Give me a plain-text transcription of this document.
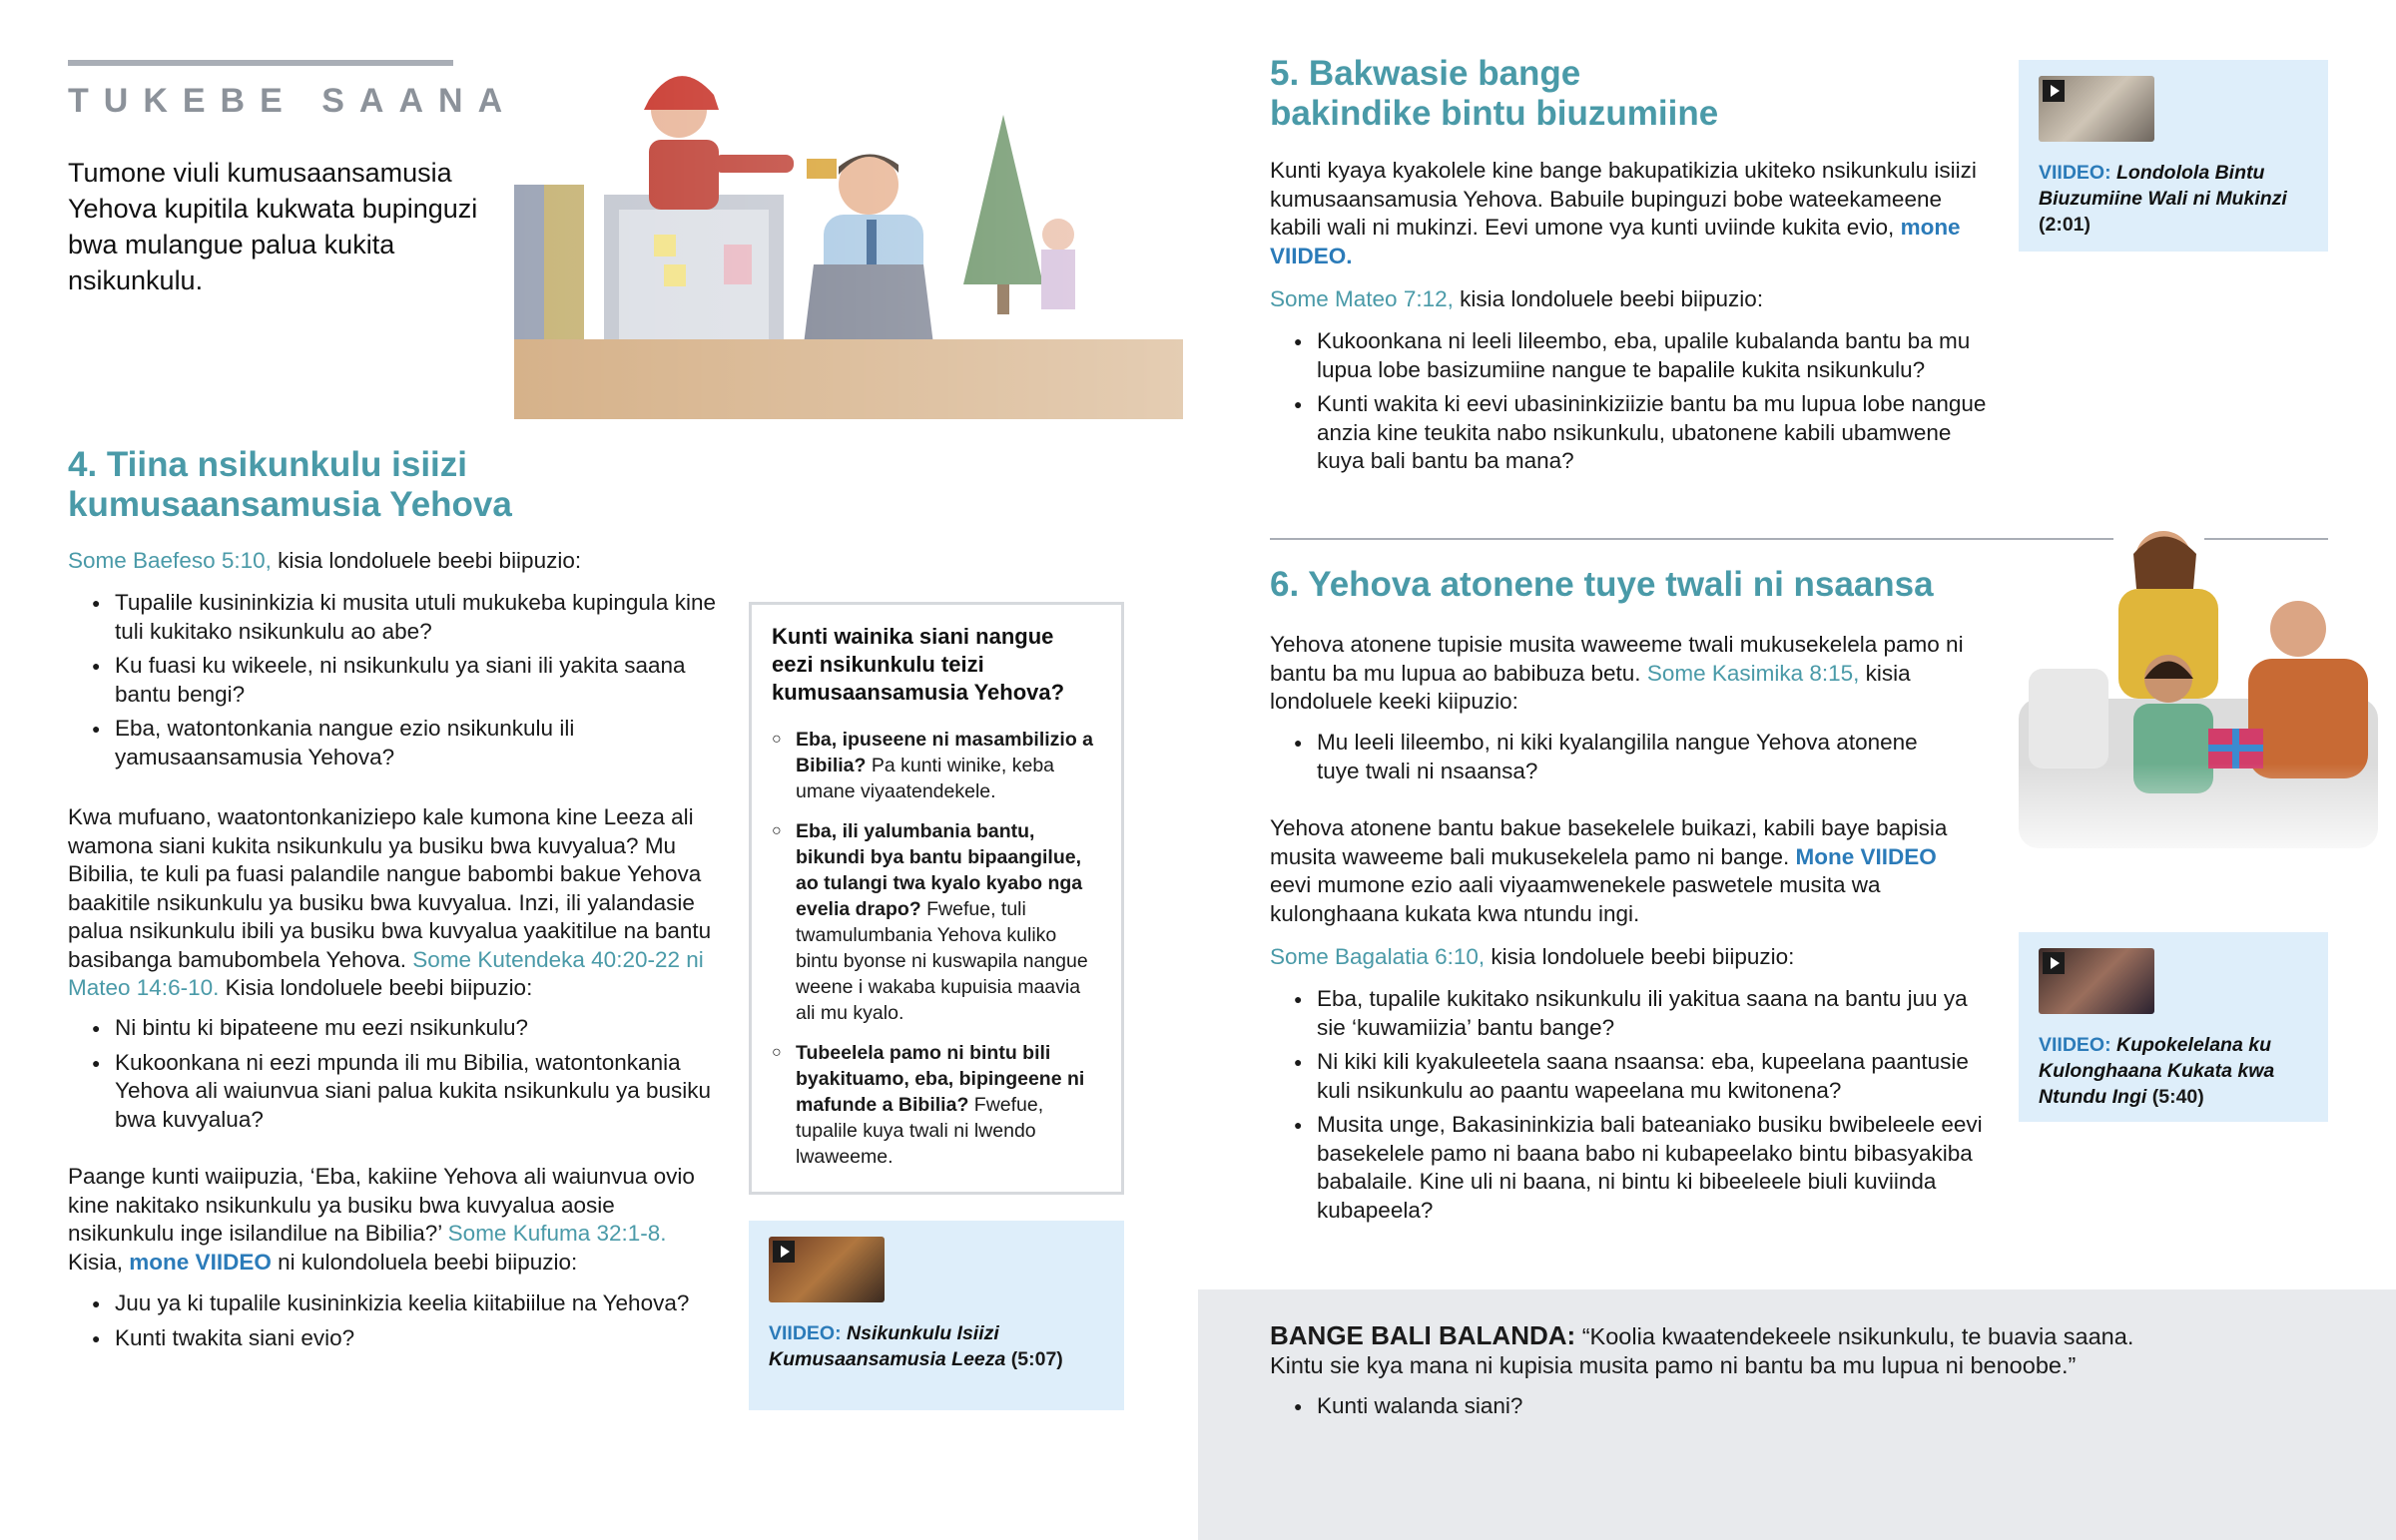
TUKEBE SAANA
Tumone viuli kumusaansamusia Yehova kupitila kukwata bupinguzi bwa mulangue palua kukita nsikunkulu.
4. Tiina nsikunkulu isiizi
kumusaansamusia Yehova
Some Baefeso 5:10, kisia londoluele beebi biipuzio:
● Tupalile kusininkizia ki musita utuli mukukeba kupingula kine tuli kukitako nsikunkulu ao abe?
● Ku fuasi ku wikeele, ni nsikunkulu ya siani ili yakita saana bantu bengi?
● Eba, watontonkania nangue ezio nsikunkulu ili yamusaansamusia Yehova?
Kwa mufuano, waatontonkaniziepo kale kumona kine Leeza ali wamona siani kukita nsikunkulu ya busiku bwa kuvyalua? Mu Bibilia, te kuli pa fuasi palandile nangue babombi bakue Yehova baakitile nsikunkulu ya busiku bwa kuvyalua. Inzi, ili yalandasie palua nsikunkulu ibili ya busiku bwa kuvyalua yaakitilue na bantu basibanga bamubombela Yehova. Some Kutendeka 40:20-22 ni Mateo 14:6-10. Kisia londoluele beebi biipuzio:
● Ni bintu ki bipateene mu eezi nsikunkulu?
● Kukoonkana ni eezi mpunda ili mu Bibilia, watontonkania Yehova ali waiunvua siani palua kukita nsikunkulu ya busiku bwa kuvyalua?
Paange kunti waiipuzia, ‘Eba, kakiine Yehova ali waiunvua ovio kine nakitako nsikunkulu ya busiku bwa kuvyalua aosie nsikunkulu inge isilandilue na Bibilia?’ Some Kufuma 32:1-8. Kisia, mone VIIDEO ni kulondoluela beebi biipuzio:
● Juu ya ki tupalile kusininkizia keelia kiitabiilue na Yehova?
● Kunti twakita siani evio?
Kunti wainika siani nangue eezi nsikunkulu teizi kumusaansamusia Yehova?
○ Eba, ipuseene ni masambilizio a Bibilia? Pa kunti winike, keba umane viyaatendekele.
○ Eba, ili yalumbania bantu, bikundi bya bantu bipaangilue, ao tulangi twa kyalo kyabo nga evelia drapo? Fwefue, tuli twamulumbania Yehova kuliko bintu byonse ni kuswapila nangue weene i wakaba kupuisia maavia ali mu kyalo.
○ Tubeelela pamo ni bintu bili byakituamo, eba, bipingeene ni mafunde a Bibilia? Fwefue, tupalile kuya twali ni lwendo lwaweeme.
VIIDEO: Nsikunkulu Isiizi Kumusaansamusia Leeza (5:07)
5. Bakwasie bange
bakindike bintu biuzumiine
Kunti kyaya kyakolele kine bange bakupatikizia ukiteko nsikunkulu isiizi kumusaansamusia Yehova. Babuile bupinguzi bobe wateekameene kabili wali ni mukinzi. Eevi umone vya kunti uviinde kukita evio, mone VIIDEO.
Some Mateo 7:12, kisia londoluele beebi biipuzio:
● Kukoonkana ni leeli lileembo, eba, upalile kubalanda bantu ba mu lupua lobe basizumiine nangue te bapalile kukita nsikunkulu?
● Kunti wakita ki eevi ubasininkiziizie bantu ba mu lupua lobe nangue anzia kine teukita nabo nsikunkulu, ubatonene kabili ubamwene kuya bali bantu ba mana?
VIIDEO: Londolola Bintu Biuzumiine Wali ni Mukinzi (2:01)
6. Yehova atonene tuye twali ni nsaansa
Yehova atonene tupisie musita waweeme twali mukusekelela pamo ni bantu ba mu lupua ao babibuza betu. Some Kasimika 8:15, kisia londoluele keeki kiipuzio:
● Mu leeli lileembo, ni kiki kyalangilila nangue Yehova atonene tuye twali ni nsaansa?
Yehova atonene bantu bakue basekelele buikazi, kabili baye bapisia musita waweeme bali mukusekelela pamo ni bange. Mone VIIDEO eevi mumone ezio aali viyaamwenekele paswetele musita wa kulonghaana kukata kwa ntundu ingi.
Some Bagalatia 6:10, kisia londoluele beebi biipuzio:
● Eba, tupalile kukitako nsikunkulu ili yakitua saana na bantu juu ya sie ‘kuwamiizia’ bantu bange?
● Ni kiki kili kyakuleetela saana nsaansa: eba, kupeelana paantusie kuli nsikunkulu ao paantu wapeelana mu kwitonena?
● Musita unge, Bakasininkizia bali bateaniako busiku bwibeleele eevi basekelele pamo ni baana babo ni kubapeelako bintu bibasyakiba babalaile. Kine uli ni baana, ni bintu ki bibeeleele biuli kuviinda kubapeela?
VIIDEO: Kupokelelana ku Kulonghaana Kukata kwa Ntundu Ingi (5:40)
BANGE BALI BALANDA: “Koolia kwaatendekeele nsikunkulu, te buavia saana. Kintu sie kya mana ni kupisia musita pamo ni bantu ba mu lupua ni benoobe.”
● Kunti walanda siani?
